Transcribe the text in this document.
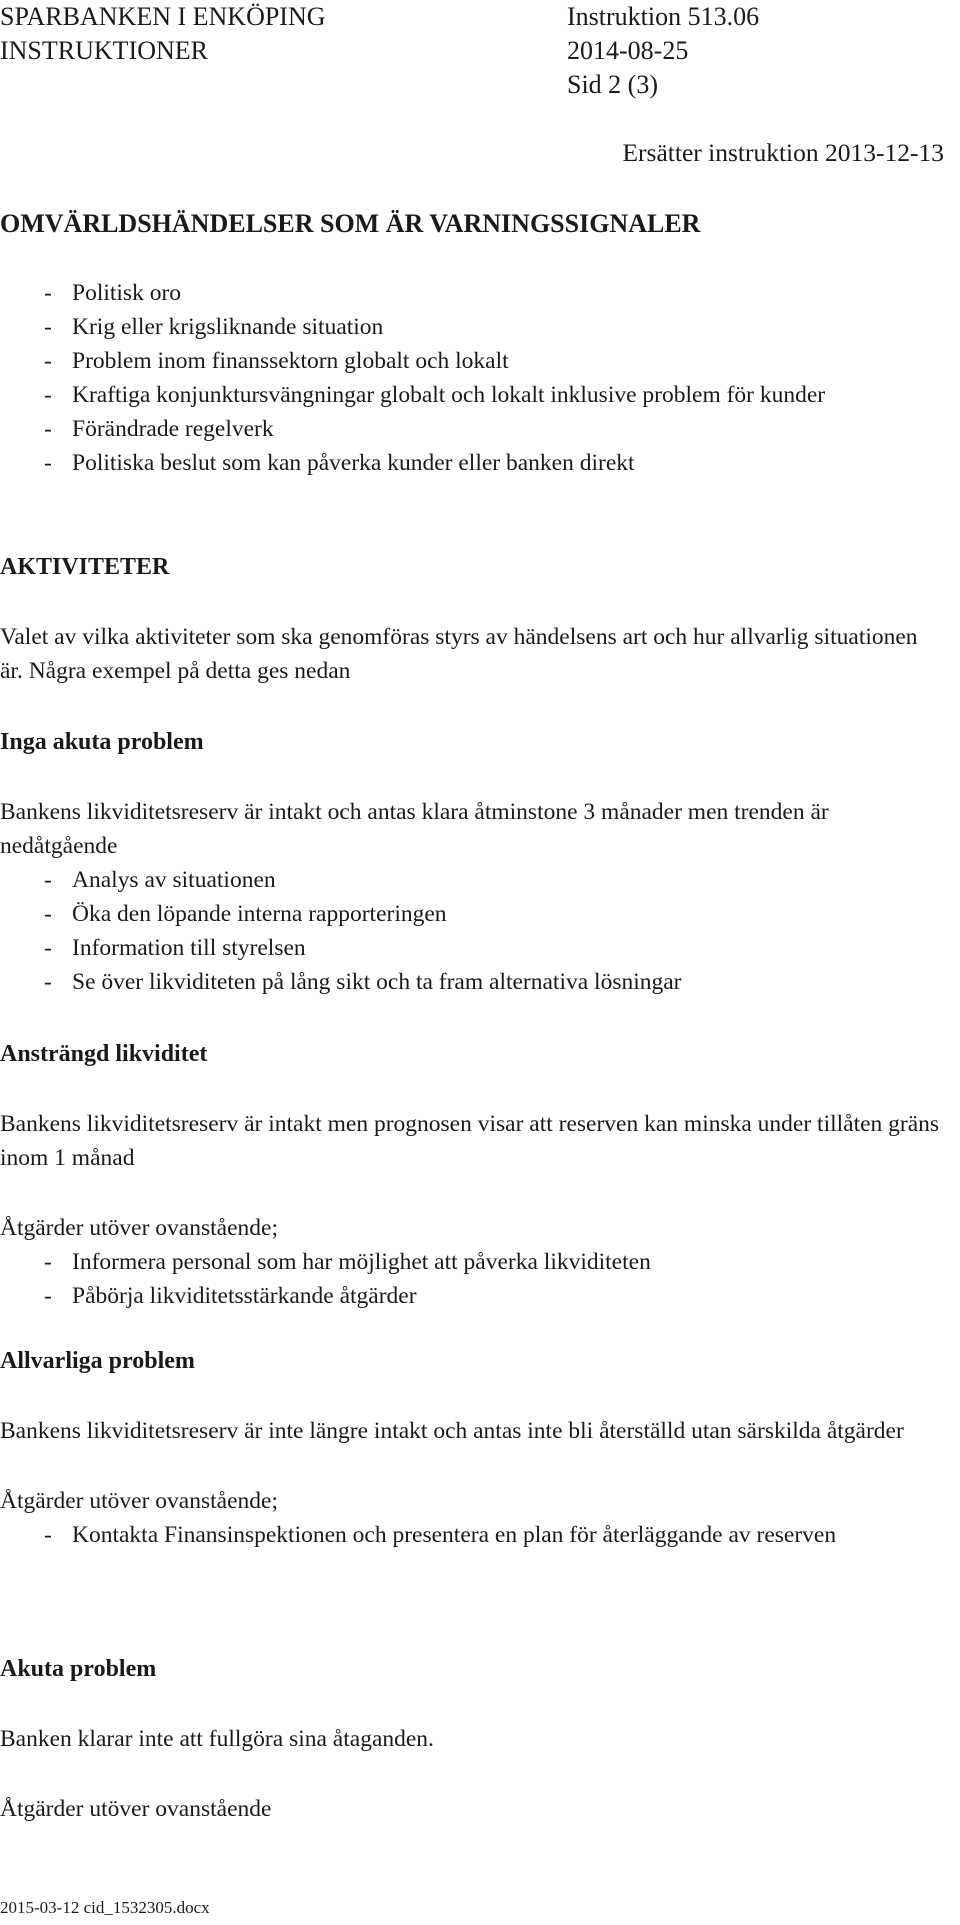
SPARBANKEN I ENKÖPING	Instruktion 513.06
INSTRUKTIONER	2014-08-25
Sid 2 (3)
Ersätter instruktion 2013-12-13
OMVÄRLDSHÄNDELSER SOM ÄR VARNINGSSIGNALER
- Politisk oro
- Krig eller krigsliknande situation
- Problem inom finanssektorn globalt och lokalt
- Kraftiga konjunktursvängningar globalt och lokalt inklusive problem för kunder
- Förändrade regelverk
- Politiska beslut som kan påverka kunder eller banken direkt
AKTIVITETER

Valet av vilka aktiviteter som ska genomföras styrs av händelsens art och hur allvarlig situationen är. Några exempel på detta ges nedan

Inga akuta problem

Bankens likviditetsreserv är intakt och antas klara åtminstone 3 månader men trenden är nedåtgående

- Analys av situationen
- Öka den löpande interna rapporteringen
- Information till styrelsen
- Se över likviditeten på lång sikt och ta fram alternativa lösningar
Ansträngd likviditet

Bankens likviditetsreserv är intakt men prognosen visar att reserven kan minska under tillåten gräns inom 1 månad

Åtgärder utöver ovanstående;

- Informera personal som har möjlighet att påverka likviditeten
- Påbörja likviditetsstärkande åtgärder
Allvarliga problem

Bankens likviditetsreserv är inte längre intakt och antas inte bli återställd utan särskilda åtgärder

Åtgärder utöver ovanstående;

- Kontakta Finansinspektionen och presentera en plan för återläggande av reserven
Akuta problem

Banken klarar inte att fullgöra sina åtaganden.

Åtgärder utöver ovanstående

2015-03-12 cid_1532305.docx
